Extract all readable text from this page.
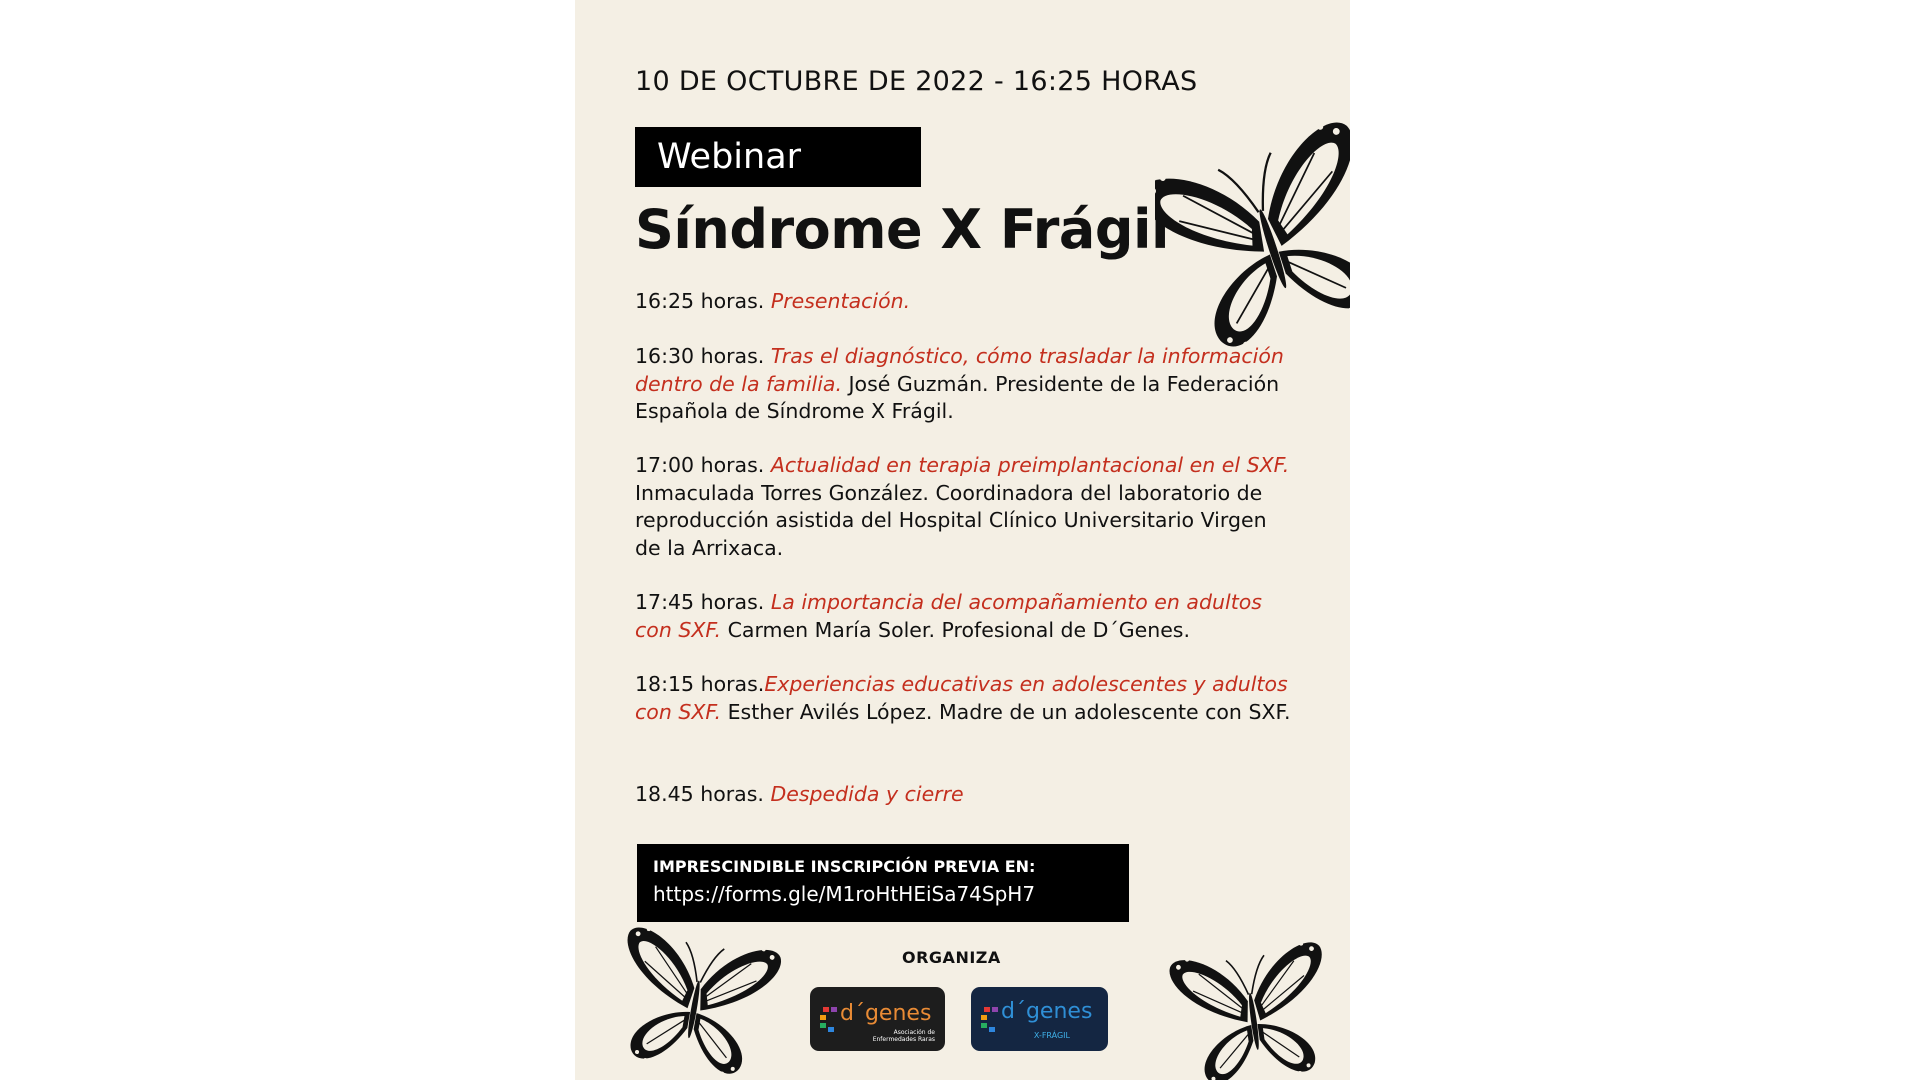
10 DE OCTUBRE DE 2022 - 16:25 HORAS
Webinar
Síndrome X Frágil
16:25 horas. Presentación.
16:30 horas. Tras el diagnóstico, cómo trasladar la información dentro de la familia. José Guzmán. Presidente de la Federación Española de Síndrome X Frágil.
17:00 horas. Actualidad en terapia preimplantacional en el SXF. Inmaculada Torres González. Coordinadora del laboratorio de reproducción asistida del Hospital Clínico Universitario Virgen de la Arrixaca.
17:45 horas. La importancia del acompañamiento en adultos con SXF. Carmen María Soler. Profesional de D´Genes.
18:15 horas.Experiencias educativas en adolescentes y adultos con SXF. Esther Avilés López. Madre de un adolescente con SXF.
18.45 horas. Despedida y cierre
IMPRESCINDIBLE INSCRIPCIÓN PREVIA EN:
https://forms.gle/M1roHtHEiSa74SpH7
ORGANIZA
d´genes
Asociación de
Enfermedades Raras
d´genes
X-FRÁGIL
